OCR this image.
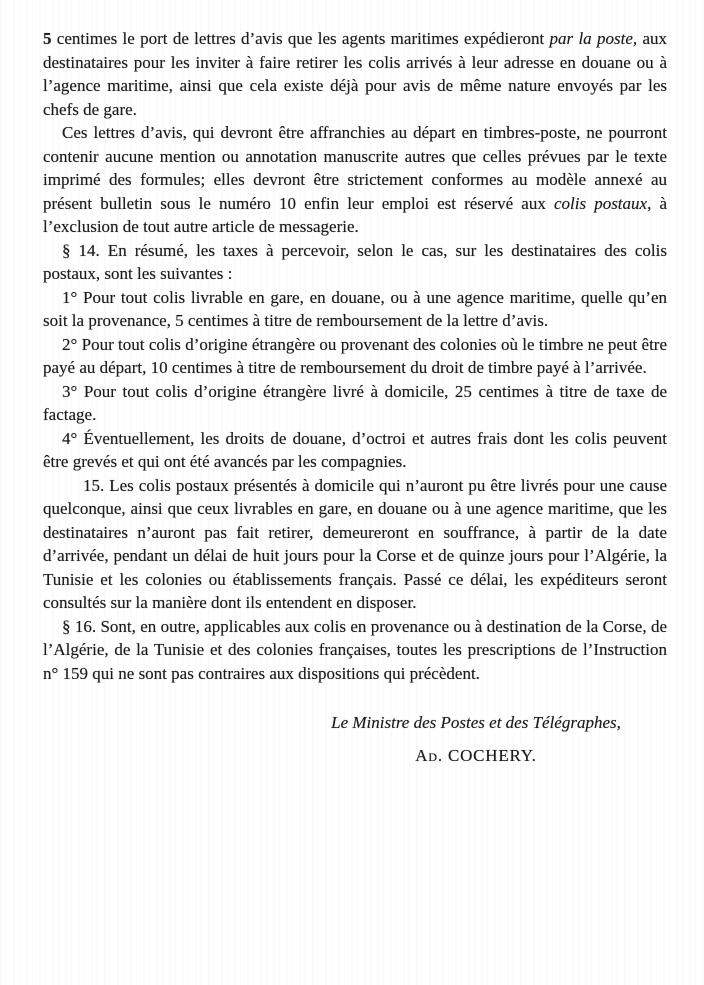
5 centimes le port de lettres d’avis que les agents maritimes expédieront par la poste, aux destinataires pour les inviter à faire retirer les colis arrivés à leur adresse en douane ou à l’agence maritime, ainsi que cela existe déjà pour avis de même nature envoyés par les chefs de gare.

Ces lettres d’avis, qui devront être affranchies au départ en timbres-poste, ne pourront contenir aucune mention ou annotation manuscrite autres que celles prévues par le texte imprimé des formules; elles devront être strictement conformes au modèle annexé au présent bulletin sous le numéro 10 enfin leur emploi est réservé aux colis postaux, à l’exclusion de tout autre article de messagerie.

§ 14. En résumé, les taxes à percevoir, selon le cas, sur les destinataires des colis postaux, sont les suivantes :

1° Pour tout colis livrable en gare, en douane, ou à une agence maritime, quelle qu’en soit la provenance, 5 centimes à titre de remboursement de la lettre d’avis.

2° Pour tout colis d’origine étrangère ou provenant des colonies où le timbre ne peut être payé au départ, 10 centimes à titre de remboursement du droit de timbre payé à l’arrivée.

3° Pour tout colis d’origine étrangère livré à domicile, 25 centimes à titre de taxe de factage.

4° Éventuellement, les droits de douane, d’octroi et autres frais dont les colis peuvent être grevés et qui ont été avancés par les compagnies.

15. Les colis postaux présentés à domicile qui n’auront pu être livrés pour une cause quelconque, ainsi que ceux livrables en gare, en douane ou à une agence maritime, que les destinataires n’auront pas fait retirer, demeureront en souffrance, à partir de la date d’arrivée, pendant un délai de huit jours pour la Corse et de quinze jours pour l’Algérie, la Tunisie et les colonies ou établissements français. Passé ce délai, les expéditeurs seront consultés sur la manière dont ils entendent en disposer.

§ 16. Sont, en outre, applicables aux colis en provenance ou à destination de la Corse, de l’Algérie, de la Tunisie et des colonies françaises, toutes les prescriptions de l’Instruction n° 159 qui ne sont pas contraires aux dispositions qui précèdent.

Le Ministre des Postes et des Télégraphes,

Ad. COCHERY.
